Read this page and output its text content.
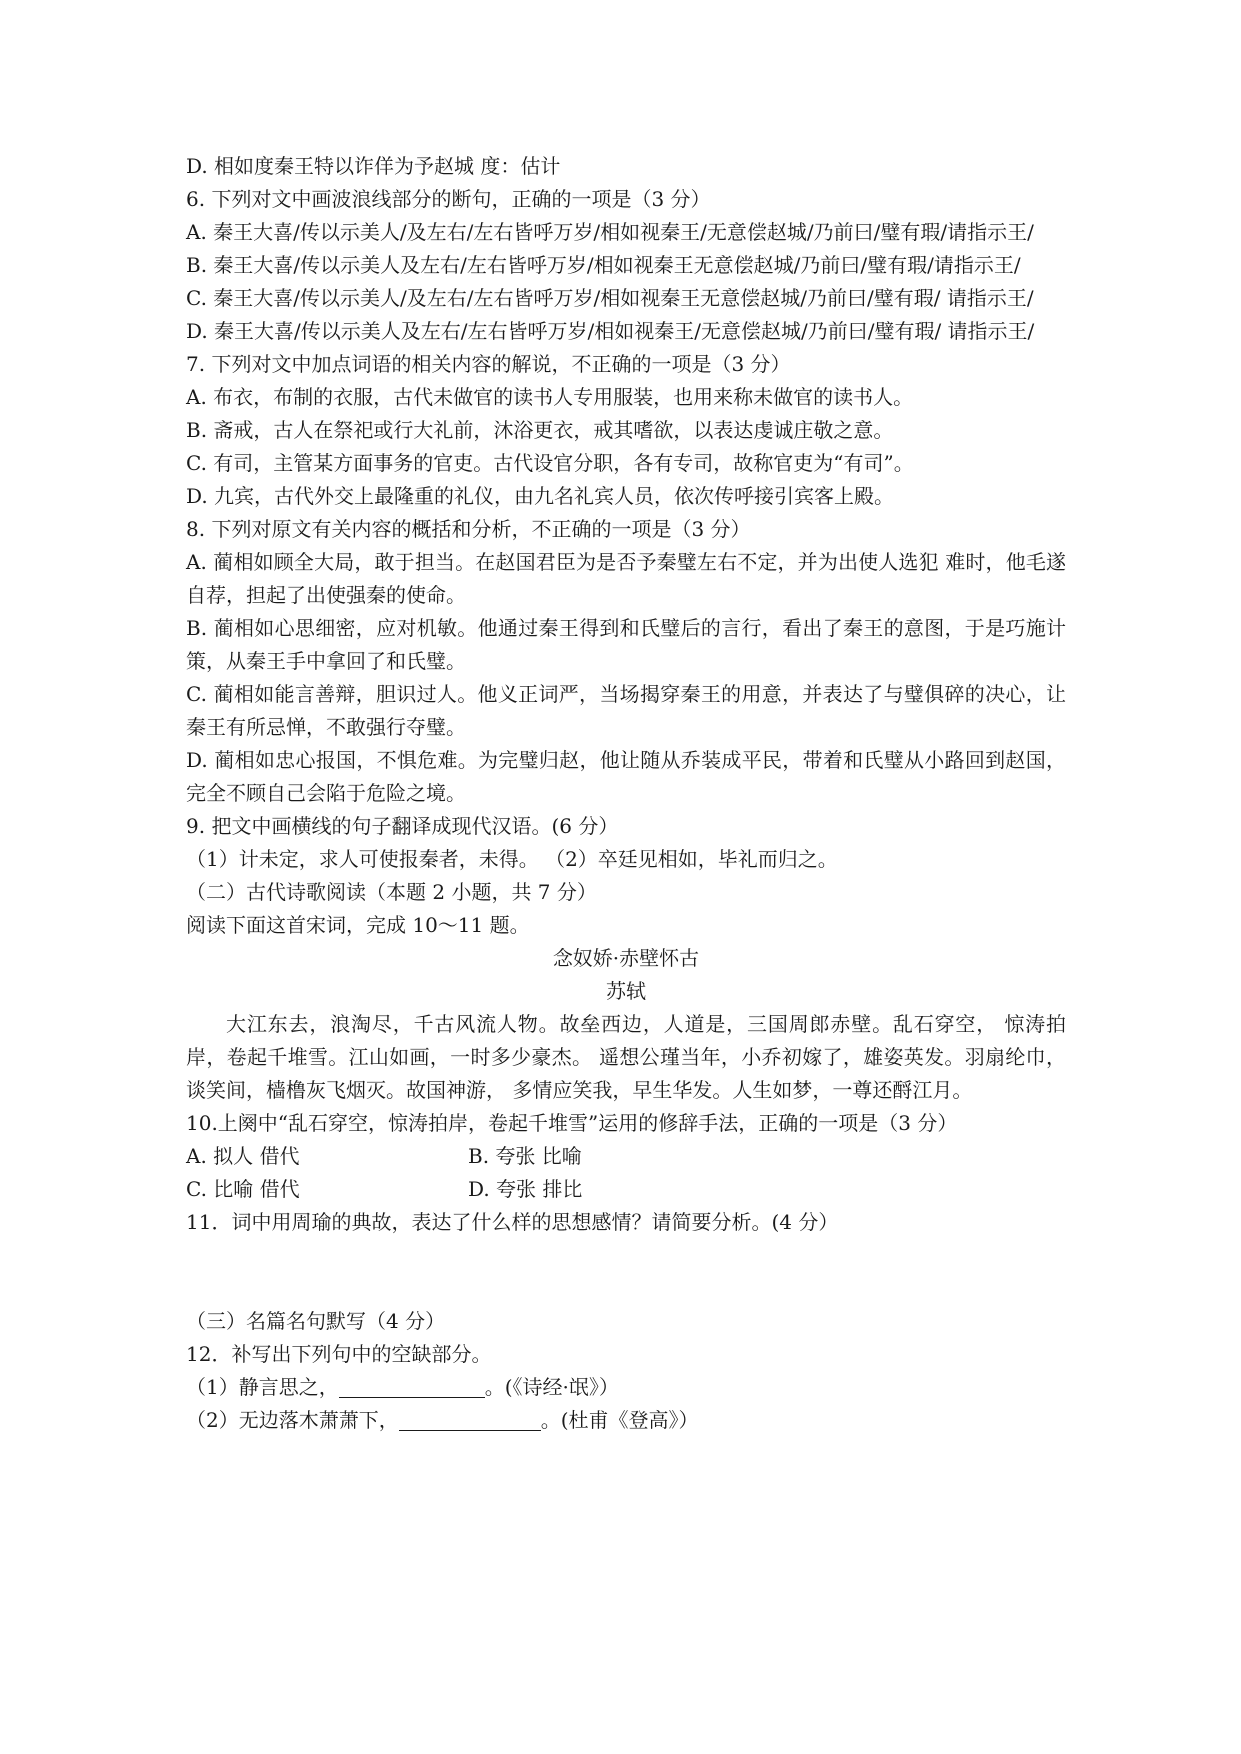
D. 相如度秦王特以诈佯为予赵城 度：估计
6. 下列对文中画波浪线部分的断句，正确的一项是（3 分）
A. 秦王大喜/传以示美人/及左右/左右皆呼万岁/相如视秦王/无意偿赵城/乃前曰/璧有瑕/请指示王/
B. 秦王大喜/传以示美人及左右/左右皆呼万岁/相如视秦王无意偿赵城/乃前曰/璧有瑕/请指示王/
C. 秦王大喜/传以示美人/及左右/左右皆呼万岁/相如视秦王无意偿赵城/乃前曰/璧有瑕/ 请指示王/
D. 秦王大喜/传以示美人及左右/左右皆呼万岁/相如视秦王/无意偿赵城/乃前曰/璧有瑕/ 请指示王/
7. 下列对文中加点词语的相关内容的解说，不正确的一项是（3 分）
A. 布衣，布制的衣服，古代未做官的读书人专用服装，也用来称未做官的读书人。
B. 斋戒，古人在祭祀或行大礼前，沐浴更衣，戒其嗜欲，以表达虔诚庄敬之意。
C. 有司，主管某方面事务的官吏。古代设官分职，各有专司，故称官吏为“有司”。
D. 九宾，古代外交上最隆重的礼仪，由九名礼宾人员，依次传呼接引宾客上殿。
8. 下列对原文有关内容的概括和分析，不正确的一项是（3 分）
A. 蔺相如顾全大局，敢于担当。在赵国君臣为是否予秦璧左右不定，并为出使人选犯 难时，他毛遂自荐，担起了出使强秦的使命。
B. 蔺相如心思细密，应对机敏。他通过秦王得到和氏璧后的言行，看出了秦王的意图，于是巧施计策，从秦王手中拿回了和氏璧。
C. 蔺相如能言善辩，胆识过人。他义正词严，当场揭穿秦王的用意，并表达了与璧俱碎的决心，让秦王有所忌惮，不敢强行夺璧。
D. 蔺相如忠心报国，不惧危难。为完璧归赵，他让随从乔装成平民，带着和氏璧从小路回到赵国，完全不顾自己会陷于危险之境。
9. 把文中画横线的句子翻译成现代汉语。(6 分）
（1）计未定，求人可使报秦者，未得。 （2）卒廷见相如，毕礼而归之。
（二）古代诗歌阅读（本题 2 小题，共 7 分）
阅读下面这首宋词，完成 10～11 题。
念奴娇·赤壁怀古
苏轼
大江东去，浪淘尽，千古风流人物。故垒西边，人道是，三国周郎赤壁。乱石穿空， 惊涛拍岸，卷起千堆雪。江山如画，一时多少豪杰。 遥想公瑾当年，小乔初嫁了，雄姿英发。羽扇纶巾，谈笑间，樯橹灰飞烟灭。故国神游， 多情应笑我，早生华发。人生如梦，一尊还酹江月。
10.上阕中“乱石穿空，惊涛拍岸，卷起千堆雪”运用的修辞手法，正确的一项是（3 分）
A. 拟人 借代	B. 夸张 比喻
C. 比喻 借代	D. 夸张 排比
11．词中用周瑜的典故，表达了什么样的思想感情？请简要分析。(4 分）
（三）名篇名句默写（4 分）
12．补写出下列句中的空缺部分。
（1）静言思之，	。(《诗经·氓》）
（2）无边落木萧萧下，	。(杜甫《登高》）
